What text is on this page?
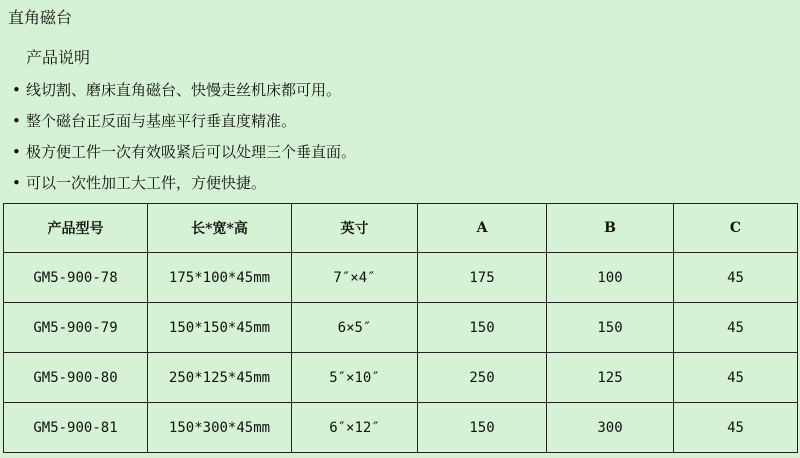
直角磁台
产品说明
• 线切割、磨床直角磁台、快慢走丝机床都可用。
• 整个磁台正反面与基座平行垂直度精准。
• 极方便工件一次有效吸紧后可以处理三个垂直面。
• 可以一次性加工大工件，方便快捷。
产品型号	长*宽*高	英寸	A	B	C
GM5-900-78	175*100*45mm	7″×4″	175	100	45
GM5-900-79	150*150*45mm	6×5″	150	150	45
GM5-900-80	250*125*45mm	5″×10″	250	125	45
GM5-900-81	150*300*45mm	6″×12″	150	300	45
